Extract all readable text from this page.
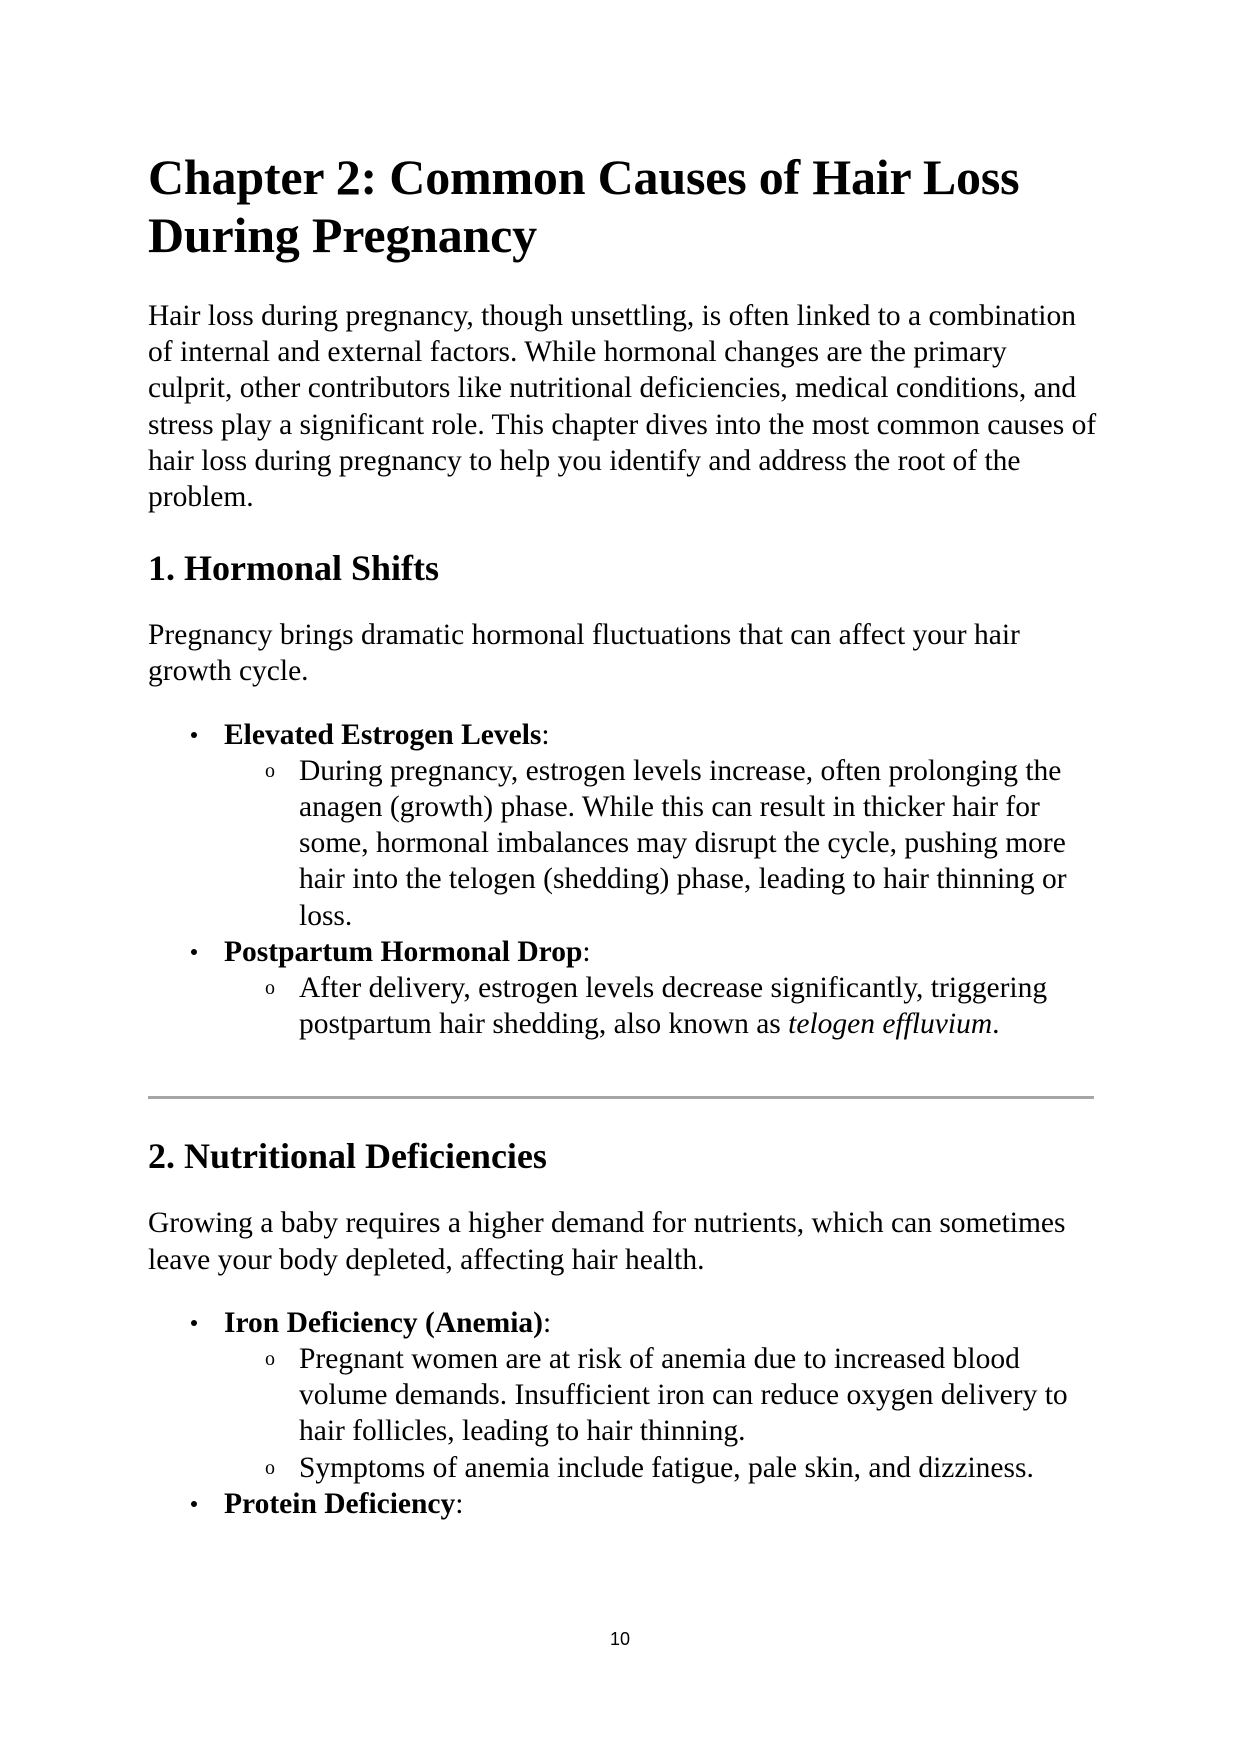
Chapter 2: Common Causes of Hair Loss
During Pregnancy

Hair loss during pregnancy, though unsettling, is often linked to a combination of internal and external factors. While hormonal changes are the primary culprit, other contributors like nutritional deficiencies, medical conditions, and stress play a significant role. This chapter dives into the most common causes of hair loss during pregnancy to help you identify and address the root of the problem.

1. Hormonal Shifts

Pregnancy brings dramatic hormonal fluctuations that can affect your hair growth cycle.

Elevated Estrogen Levels:
o During pregnancy, estrogen levels increase, often prolonging the anagen (growth) phase. While this can result in thicker hair for some, hormonal imbalances may disrupt the cycle, pushing more hair into the telogen (shedding) phase, leading to hair thinning or loss.
Postpartum Hormonal Drop:
o After delivery, estrogen levels decrease significantly, triggering postpartum hair shedding, also known as telogen effluvium.
2. Nutritional Deficiencies

Growing a baby requires a higher demand for nutrients, which can sometimes leave your body depleted, affecting hair health.

Iron Deficiency (Anemia):
o Pregnant women are at risk of anemia due to increased blood volume demands. Insufficient iron can reduce oxygen delivery to hair follicles, leading to hair thinning.
o Symptoms of anemia include fatigue, pale skin, and dizziness.
Protein Deficiency:
10
